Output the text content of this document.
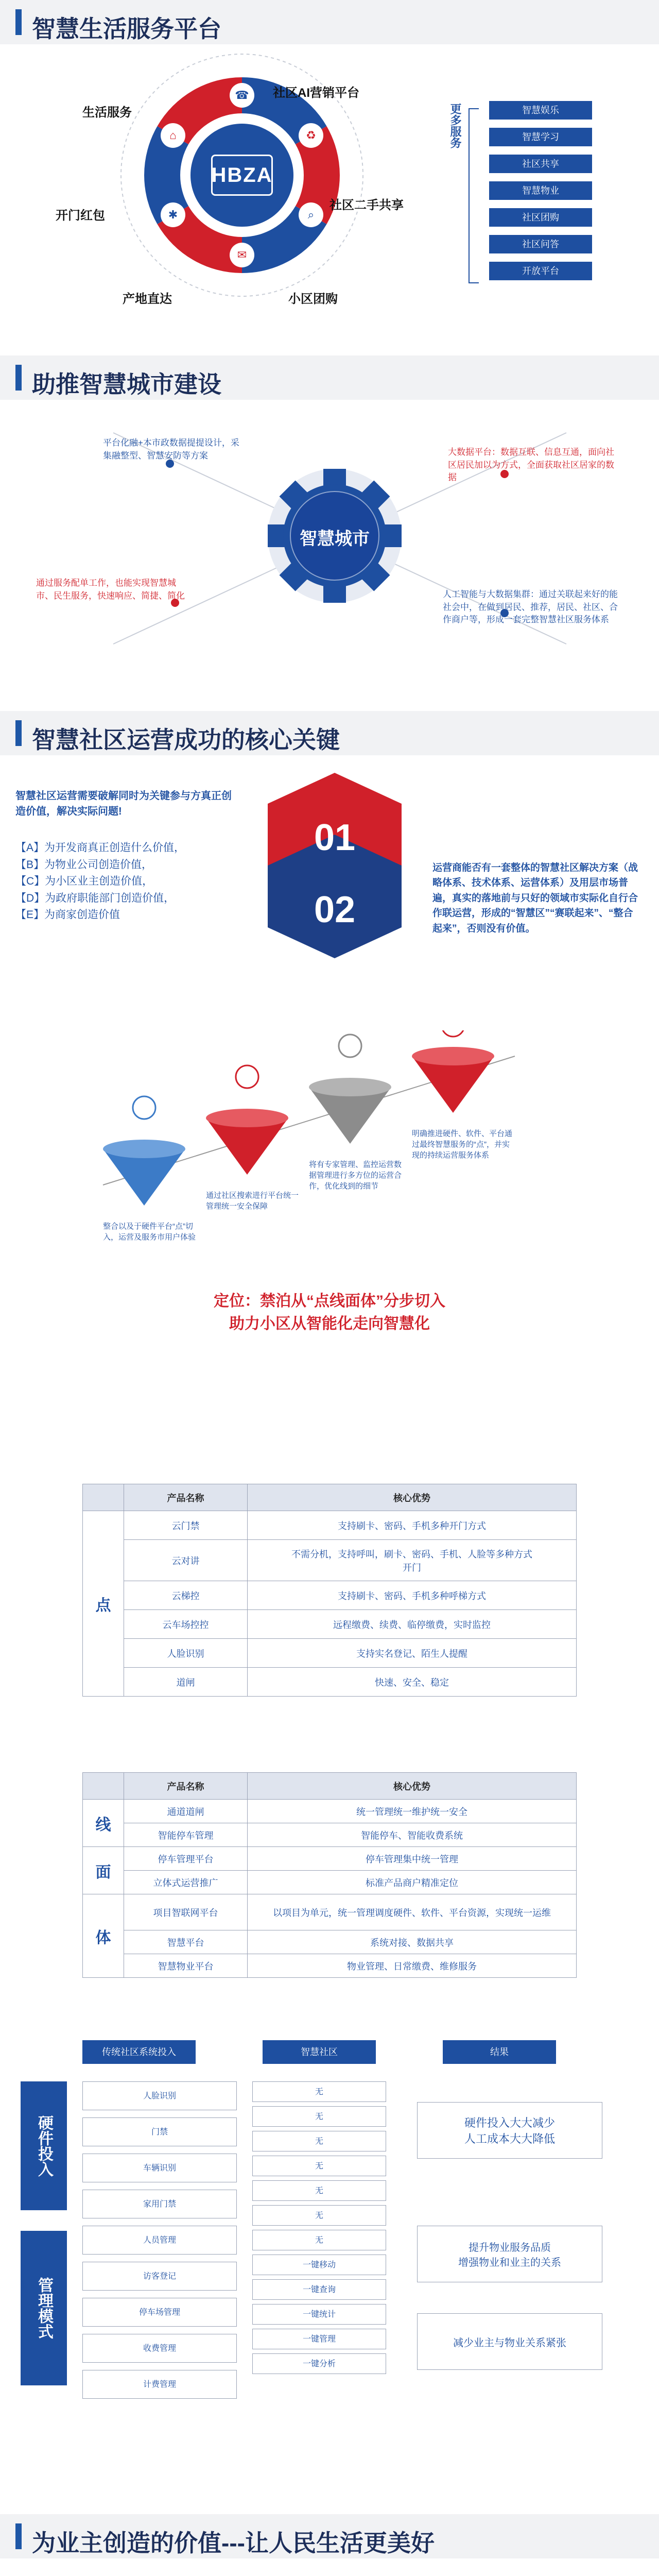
智慧生活服务平台
☎
♻
⌕
✉
✱
⌂
HBZA
社区AI营销平台
社区二手共享
小区团购
产地直达
开门红包
生活服务	更多服务	智慧娱乐
智慧学习
社区共享
智慧物业
社区团购
社区问答
开放平台
助推智慧城市建设
智慧城市
平台化融+本市政数据提提设计，采集融整型、智慧安防等方案	大数据平台：数据互联、信息互通，面向社区居民加以为方式，全面获取社区居家的数据
通过服务配单工作，也能实现智慧城市、民生服务，快速响应、简捷、简化	人工智能与大数据集群：通过关联起来好的能社会中，在做到居民、推荐，居民、社区、合作商户等，形成一套完整智慧社区服务体系
智慧社区运营成功的核心关键
智慧社区运营需要破解同时为关键参与方真正创造价值，解决实际问题!
【A】为开发商真正创造什么价值，
【B】为物业公司创造价值，
【C】为小区业主创造价值，
【D】为政府职能部门创造价值，
【E】为商家创造价值
01
02
运营商能否有一套整体的智慧社区解决方案（战略体系、技术体系、运营体系）及用层市场普遍，真实的落地前与只好的领域市实际化自行合作联运营，形成的“智慧区”“赛联起来”、“整合起来”，否则没有价值。
整合以及于硬件平台“点”切入，运营及服务市用户体验
通过社区搜索进行平台统一管理统一安全保障
将有专家管理、监控运营数据管理进行多方位的运营合作，优化线到的细节
明确推进硬件、软件、平台通过最终智慧服务的“点”，并实现的持续运营服务体系
定位：禁泊从“点线面体”分步切入
助力小区从智能化走向智慧化
	产品名称	核心优势
点	云门禁	支持刷卡、密码、手机多种开门方式
	云对讲	不需分机，支持呼叫，刷卡、密码、手机、人脸等多种方式开门
	云梯控	支持刷卡、密码、手机多种呼梯方式
	云车场控控	远程缴费、续费、临停缴费，实时监控
	人脸识别	支持实名登记、陌生人提醒
	道闸	快速、安全、稳定
	产品名称	核心优势
线	通道道闸	统一管理统一维护统一安全
	智能停车管理	智能停车、智能收费系统
面	停车管理平台	停车管理集中统一管理
	立体式运营推广	标准产品商户精准定位
体	项目智联网平台	以项目为单元，统一管理调度硬件、软件、平台资源，实现统一运维
	智慧平台	系统对接、数据共享
	智慧物业平台	物业管理、日常缴费、维修服务
传统社区系统投入	智慧社区	结果
硬件投入
管理模式
人脸识别
门禁
车辆识别
家用门禁
人员管理
访客登记
停车场管理
收费管理
计费管理
无
无
无
无
无
无
无
一键移动
一键查询
一键统计
一键管理
一键分析
硬件投入大大减少
人工成本大大降低
提升物业服务品质
增强物业和业主的关系
减少业主与物业关系紧张
为业主创造的价值---让人民生活更美好
